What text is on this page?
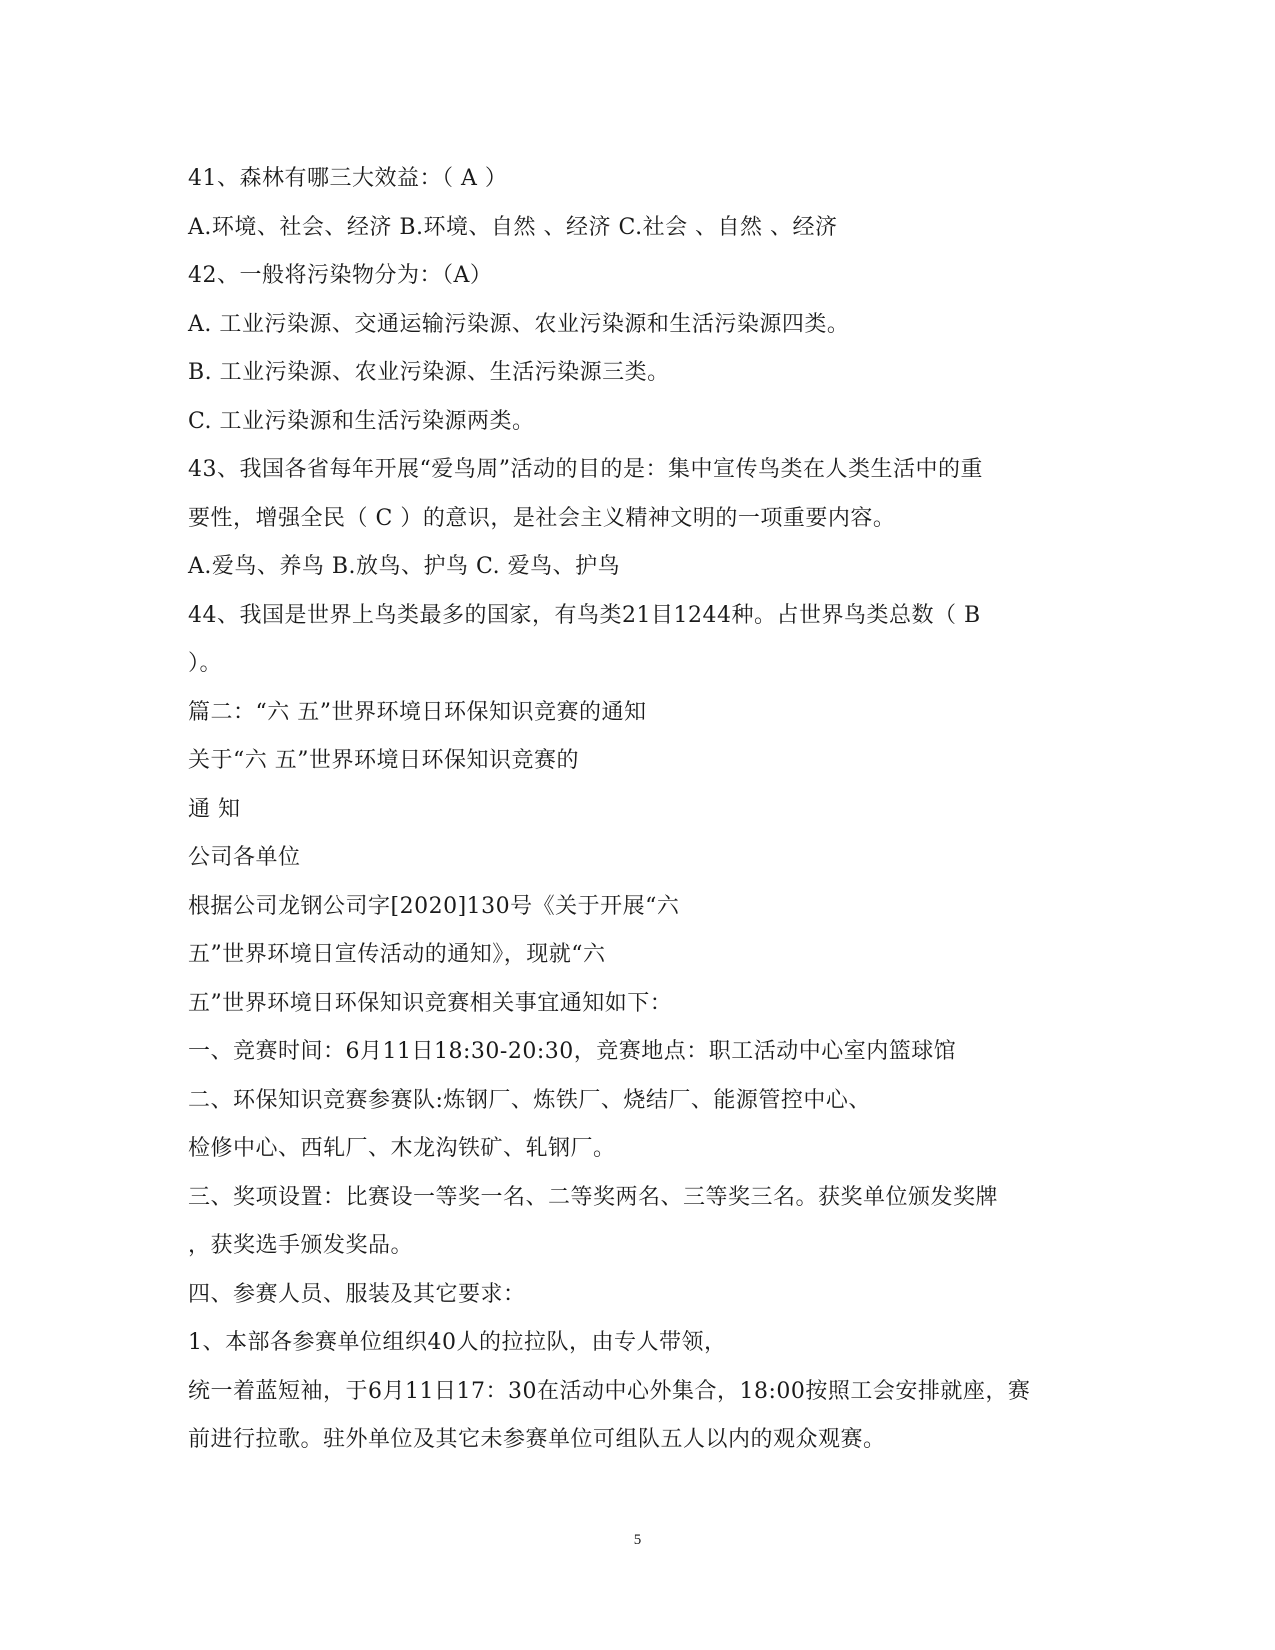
41、森林有哪三大效益：（ A ）
A.环境、社会、经济 B.环境、自然 、经济 C.社会 、自然 、经济
42、一般将污染物分为：（A）
A. 工业污染源、交通运输污染源、农业污染源和生活污染源四类。
B. 工业污染源、农业污染源、生活污染源三类。
C. 工业污染源和生活污染源两类。
43、我国各省每年开展“爱鸟周”活动的目的是：集中宣传鸟类在人类生活中的重
要性，增强全民（ C ）的意识，是社会主义精神文明的一项重要内容。
A.爱鸟、养鸟 B.放鸟、护鸟 C. 爱鸟、护鸟
44、我国是世界上鸟类最多的国家，有鸟类21目1244种。占世界鸟类总数（ B
）。
篇二：“六 五”世界环境日环保知识竞赛的通知
关于“六 五”世界环境日环保知识竞赛的
通 知
公司各单位
根据公司龙钢公司字[2020]130号《关于开展“六
五”世界环境日宣传活动的通知》，现就“六
五”世界环境日环保知识竞赛相关事宜通知如下：
一、竞赛时间：6月11日18:30-20:30，竞赛地点：职工活动中心室内篮球馆
二、环保知识竞赛参赛队:炼钢厂、炼铁厂、烧结厂、能源管控中心、
检修中心、西轧厂、木龙沟铁矿、轧钢厂。
三、奖项设置：比赛设一等奖一名、二等奖两名、三等奖三名。获奖单位颁发奖牌
，获奖选手颁发奖品。
四、参赛人员、服装及其它要求：
1、本部各参赛单位组织40人的拉拉队，由专人带领，
统一着蓝短袖，于6月11日17：30在活动中心外集合，18:00按照工会安排就座，赛
前进行拉歌。驻外单位及其它未参赛单位可组队五人以内的观众观赛。
5
